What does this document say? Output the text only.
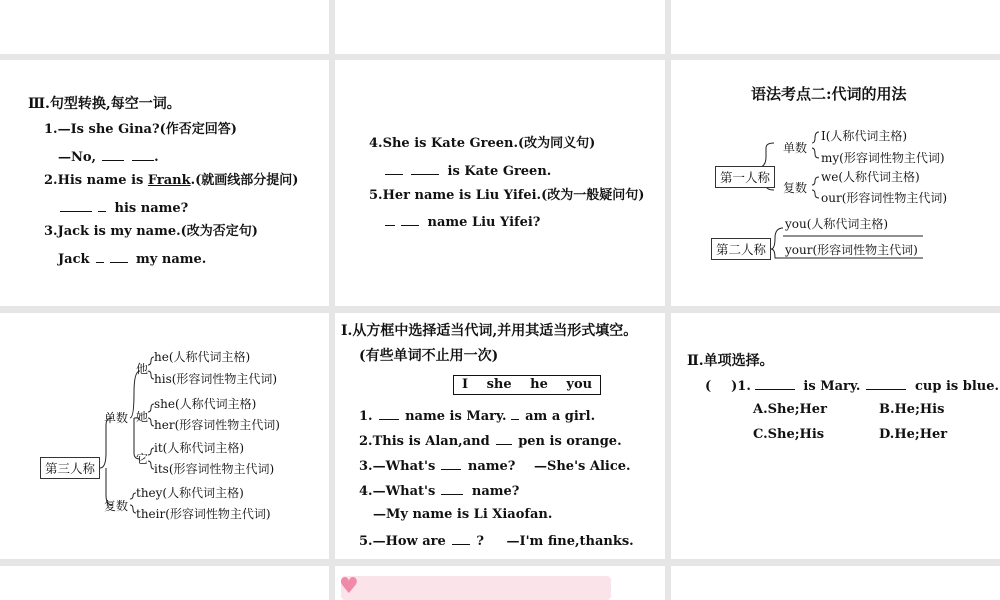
Ⅲ.句型转换,每空一词。
1.—Is she Gina?(作否定回答)
—No,	.
2.His name is Frank.(就画线部分提问)
his name?
3.Jack is my name.(改为否定句)
Jack	my name.
4.She is Kate Green.(改为同义句)
is Kate Green.
5.Her name is Liu Yifei.(改为一般疑问句)
name Liu Yifei?
语法考点二:代词的用法
第一人称
单数
复数
I(人称代词主格)
my(形容词性物主代词)
we(人称代词主格)
our(形容词性物主代词)
第二人称
you(人称代词主格)
your(形容词性物主代词)
第三人称
单数
复数
他
她
它
he(人称代词主格)
his(形容词性物主代词)
she(人称代词主格)
her(形容词性物主代词)
it(人称代词主格)
its(形容词性物主代词)
they(人称代词主格)
their(形容词性物主代词)
Ⅰ.从方框中选择适当代词,并用其适当形式填空。
(有些单词不止用一次)
I she he you
1.	name is Mary. am a girl.
2.This is Alan,and pen is orange.
3.—What's	name? —She's Alice.
4.—What's	name?
—My name is Li Xiaofan.
5.—How are ? —I'm fine,thanks.
Ⅱ.单项选择。
( )1.	is Mary.	cup is blue.
A.She;Her	B.He;His
C.She;His	D.He;Her
♥
